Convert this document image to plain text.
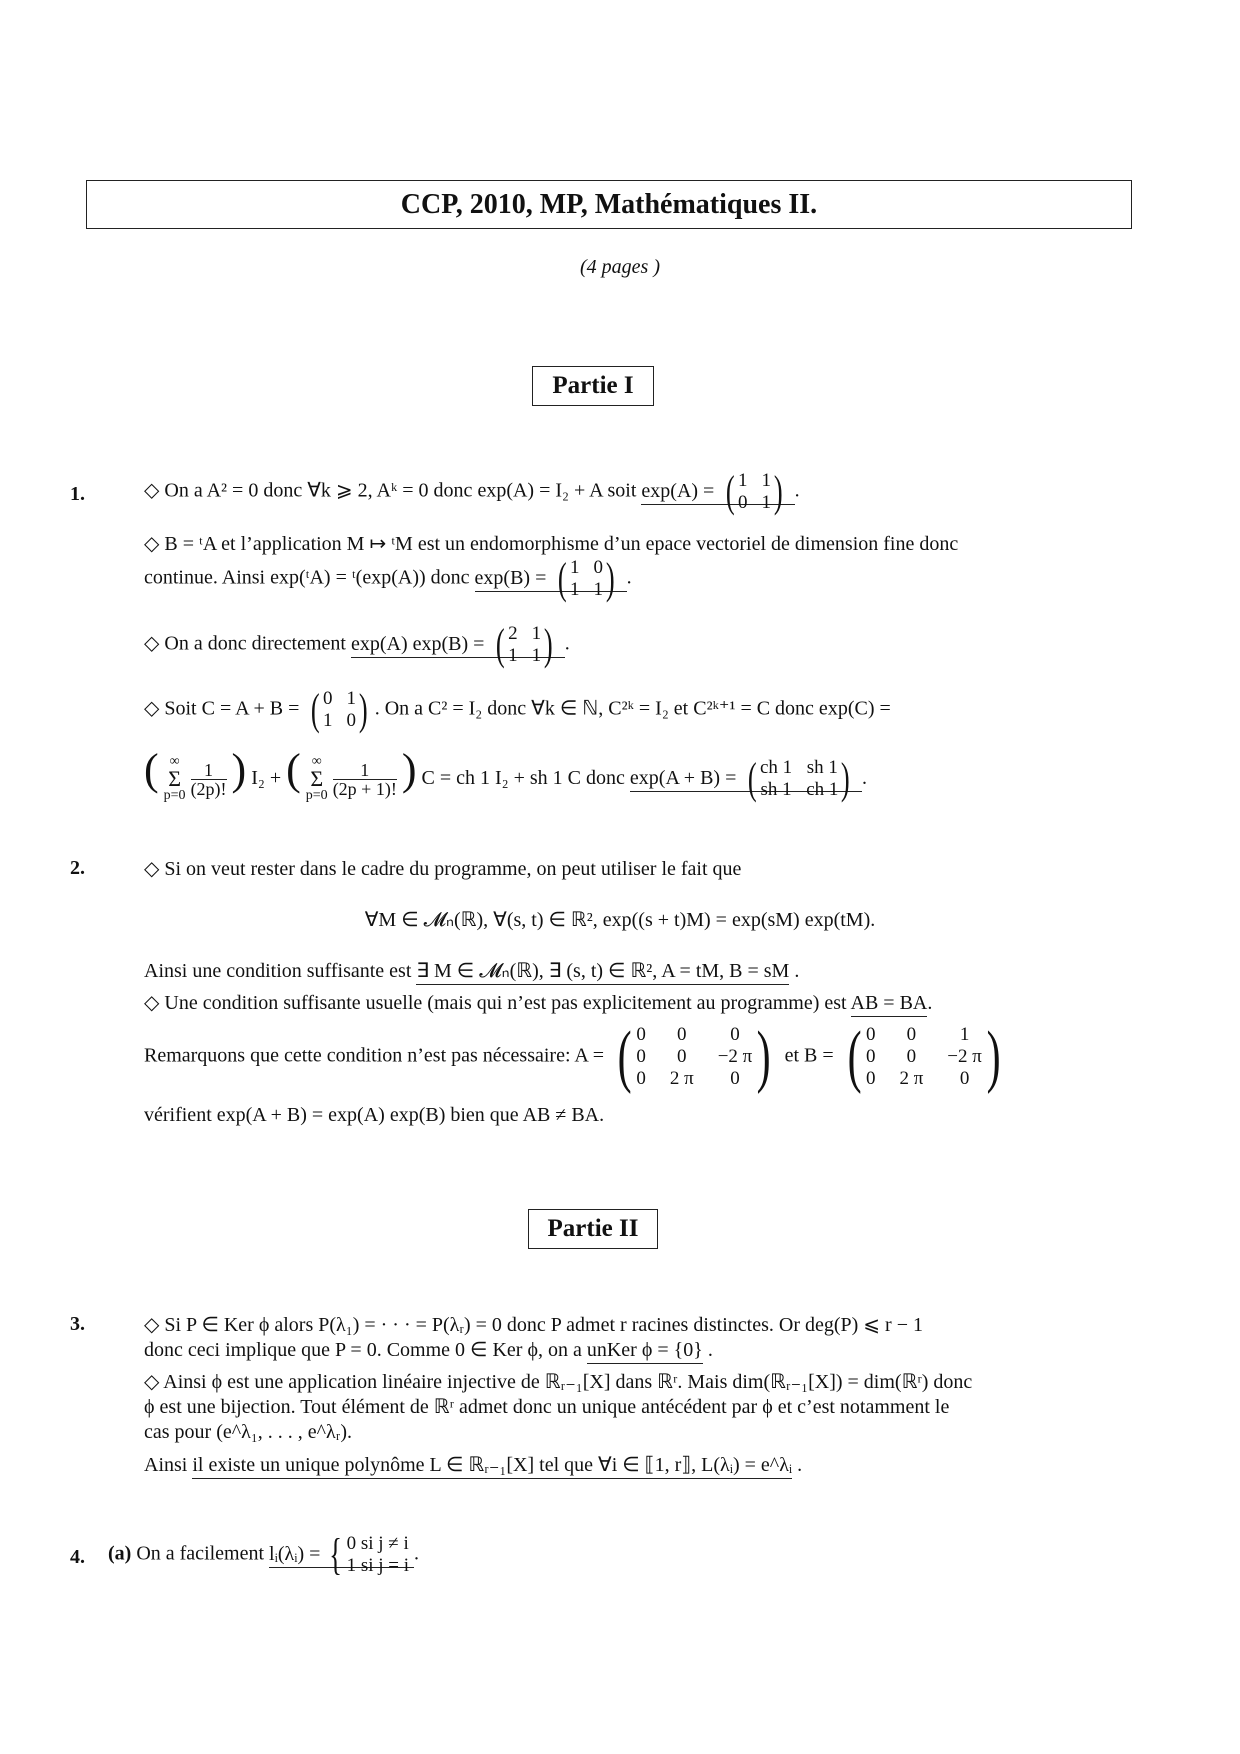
CCP, 2010, MP, Mathématiques II.
(4 pages )
Partie I
1.	◇ On a A² = 0 donc ∀k ⩾ 2, Aᵏ = 0 donc exp(A) = I₂ + A soit exp(A) = ( 1 1
0 1 ) .
◇ B = ᵗA et l’application M ↦ ᵗM est un endomorphisme d’un epace vectoriel de dimension fine donc
continue. Ainsi exp(ᵗA) = ᵗ(exp(A)) donc exp(B) = ( 1 0
1 1 ) .
◇ On a donc directement exp(A) exp(B) = ( 2 1
1 1 ) .
◇ Soit C = A + B = ( 0 1
1 0 ) . On a C² = I₂ donc ∀k ∈ ℕ, C²ᵏ = I₂ et C²ᵏ⁺¹ = C donc exp(C) =
( ∞
Σ
p=0
$\frac{1}{(2p)!}$ ) I₂ + ( ∞
Σ
p=0
$\frac{1}{(2p + 1)!}$ ) C = ch 1 I₂ + sh 1 C donc exp(A + B) = ( ch 1 sh 1
sh 1 ch 1 ) .
2.	◇ Si on veut rester dans le cadre du programme, on peut utiliser le fait que
∀M ∈ 𝓜ₙ(ℝ), ∀(s, t) ∈ ℝ², exp((s + t)M) = exp(sM) exp(tM).
Ainsi une condition suffisante est ∃ M ∈ 𝓜ₙ(ℝ), ∃ (s, t) ∈ ℝ², A = tM, B = sM .
◇ Une condition suffisante usuelle (mais qui n’est pas explicitement au programme) est AB = BA.
Remarquons que cette condition n’est pas nécessaire: A = ( 0	0	0
0	0	−2 π
0 2 π	0 ) et B = ( 0	0	1
0	0	−2 π
0 2 π	0 )
vérifient exp(A + B) = exp(A) exp(B) bien que AB ≠ BA.
Partie II
3.	◇ Si P ∈ Ker ϕ alors P(λ₁) = · · · = P(λᵣ) = 0 donc P admet r racines distinctes. Or deg(P) ⩽ r − 1
donc ceci implique que P = 0. Comme 0 ∈ Ker ϕ, on a unKer ϕ = {0} .
◇ Ainsi ϕ est une application linéaire injective de ℝᵣ₋₁[X] dans ℝʳ. Mais dim(ℝᵣ₋₁[X]) = dim(ℝʳ) donc
ϕ est une bijection. Tout élément de ℝʳ admet donc un unique antécédent par ϕ et c’est notamment le
cas pour (e^λ₁, . . . , e^λᵣ).
Ainsi il existe un unique polynôme L ∈ ℝᵣ₋₁[X] tel que ∀i ∈ ⟦1, r⟧, L(λᵢ) = e^λᵢ .
4. (a) On a facilement lᵢ(λᵢ) = { 0 si j ≠ i
1 si j = i
.
